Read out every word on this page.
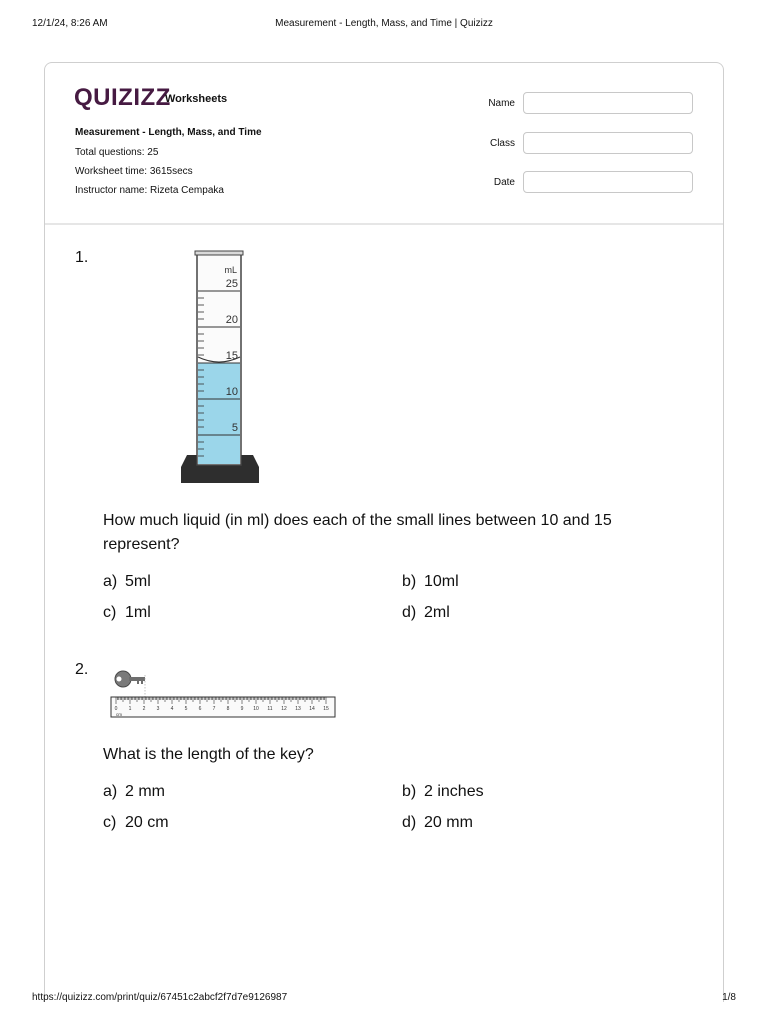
12/1/24, 8:26 AM	Measurement - Length, Mass, and Time | Quizizz
QUIZIZZ
Worksheets
Measurement - Length, Mass, and Time
Total questions: 25
Worksheet time: 3615secs
Instructor name: Rizeta Cempaka
Name
Class
Date
1.
mL
25
20
15
10
5
How much liquid (in ml) does each of the small lines between 10 and 15 represent?
a) 5ml	b) 10ml
c) 1ml	d) 2ml
2.
0 1 2 3 4 5 6 7 8 9 10 11 12 13 14 15
cm
What is the length of the key?
a) 2 mm	b) 2 inches
c) 20 cm	d) 20 mm
https://quizizz.com/print/quiz/67451c2abcf2f7d7e9126987	1/8
